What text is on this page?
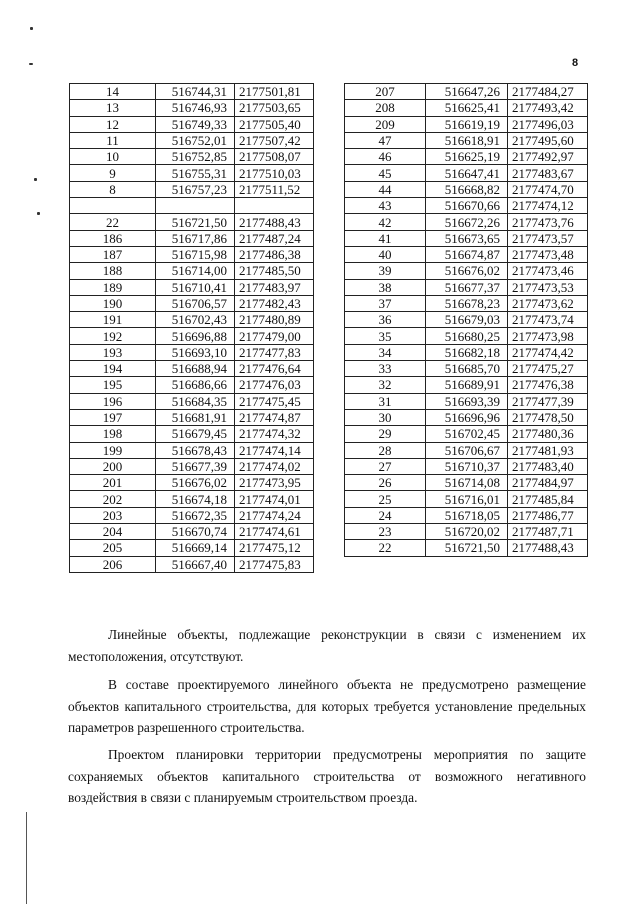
8
14	516744,31	2177501,81
13	516746,93	2177503,65
12	516749,33	2177505,40
11	516752,01	2177507,42
10	516752,85	2177508,07
9	516755,31	2177510,03
8	516757,23	2177511,52

22	516721,50	2177488,43
186	516717,86	2177487,24
187	516715,98	2177486,38
188	516714,00	2177485,50
189	516710,41	2177483,97
190	516706,57	2177482,43
191	516702,43	2177480,89
192	516696,88	2177479,00
193	516693,10	2177477,83
194	516688,94	2177476,64
195	516686,66	2177476,03
196	516684,35	2177475,45
197	516681,91	2177474,87
198	516679,45	2177474,32
199	516678,43	2177474,14
200	516677,39	2177474,02
201	516676,02	2177473,95
202	516674,18	2177474,01
203	516672,35	2177474,24
204	516670,74	2177474,61
205	516669,14	2177475,12
206	516667,40	2177475,83
207	516647,26	2177484,27
208	516625,41	2177493,42
209	516619,19	2177496,03
47	516618,91	2177495,60
46	516625,19	2177492,97
45	516647,41	2177483,67
44	516668,82	2177474,70
43	516670,66	2177474,12
42	516672,26	2177473,76
41	516673,65	2177473,57
40	516674,87	2177473,48
39	516676,02	2177473,46
38	516677,37	2177473,53
37	516678,23	2177473,62
36	516679,03	2177473,74
35	516680,25	2177473,98
34	516682,18	2177474,42
33	516685,70	2177475,27
32	516689,91	2177476,38
31	516693,39	2177477,39
30	516696,96	2177478,50
29	516702,45	2177480,36
28	516706,67	2177481,93
27	516710,37	2177483,40
26	516714,08	2177484,97
25	516716,01	2177485,84
24	516718,05	2177486,77
23	516720,02	2177487,71
22	516721,50	2177488,43

Линейные объекты, подлежащие реконструкции в связи с изменением их местоположения, отсутствуют.

В составе проектируемого линейного объекта не предусмотрено размещение объектов капитального строительства, для которых требуется установление предельных параметров разрешенного строительства.

Проектом планировки территории предусмотрены мероприятия по защите сохраняемых объектов капитального строительства от возможного негативного воздействия в связи с планируемым строительством проезда.
